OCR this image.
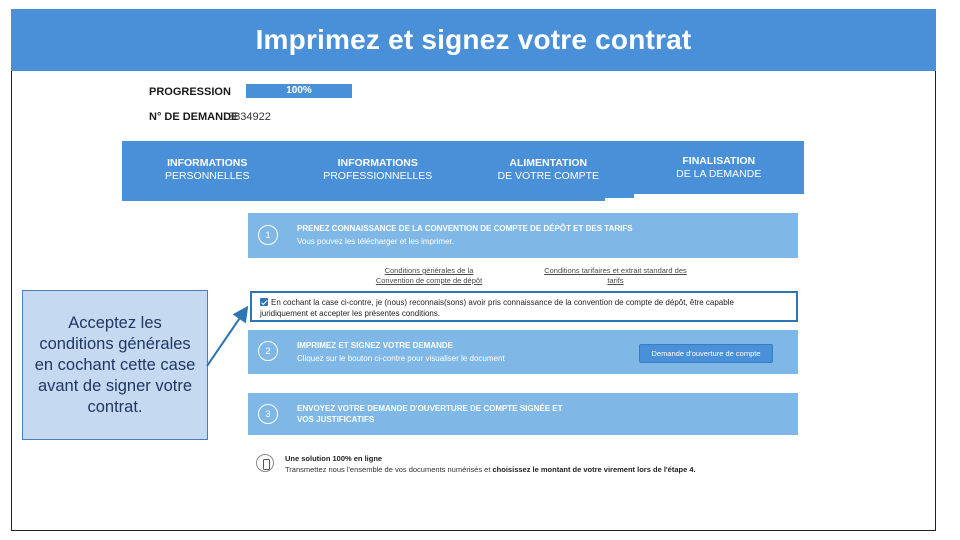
Imprimez et signez votre contrat
PROGRESSION	100%
N° DE DEMANDE
3834922
INFORMATIONS
PERSONNELLES
INFORMATIONS
PROFESSIONNELLES
ALIMENTATION
DE VOTRE COMPTE
FINALISATION
DE LA DEMANDE
1
PRENEZ CONNAISSANCE DE LA CONVENTION DE COMPTE DE DÉPÔT ET DES TARIFS
Vous pouvez les télécharger et les imprimer.
Conditions générales de la
Convention de compte de dépôt
Conditions tarifaires et extrait standard des
tarifs
En cochant la case ci-contre, je (nous) reconnais(sons) avoir pris connaissance de la convention de compte de dépôt, être capable
juridiquement et accepter les présentes conditions.
2
IMPRIMEZ ET SIGNEZ VOTRE DEMANDE
Cliquez sur le bouton ci-contre pour visualiser le document
Demande d'ouverture de compte
3
ENVOYEZ VOTRE DEMANDE D'OUVERTURE DE COMPTE SIGNÉE ET
VOS JUSTIFICATIFS
Une solution 100% en ligne
Transmettez nous l'ensemble de vos documents numérisés et choisissez le montant de votre virement lors de l'étape 4.
Acceptez les conditions générales en cochant cette case avant de signer votre contrat.
